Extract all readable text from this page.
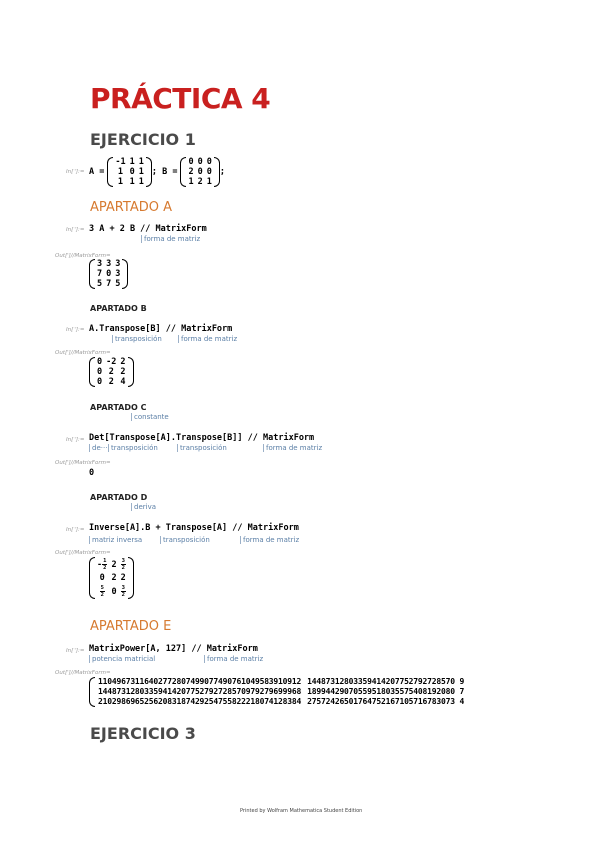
PRÁCTICA 4
EJERCICIO 1
In[ ']:= A =
-1	1	1
1	0	1
1	1	1
; B =
0	0	0
2	0	0
1	2	1
;
APARTADO A
In[ ']:= 3 A + 2 B // MatrixForm
forma de matriz
Out[']//MatrixForm=
3	3	3
7	0	3
5	7	5
APARTADO B
In[ ']:= A.Transpose[B] // MatrixForm
transposición	forma de matriz
Out[']//MatrixForm=
0	-2	2
0	2	2
0	2	4
APARTADO C
constante
In[ ']:= Det[Transpose[A].Transpose[B]] // MatrixForm
de··· transposición	transposición	forma de matriz
Out[']//MatrixForm=
0
APARTADO D
deriva
In[ ']:= Inverse[A].B + Transpose[A] // MatrixForm
matriz inversa	transposición	forma de matriz
Out[']//MatrixForm=
- $\frac{1}{2}$	2	$\frac{3}{2}$

0	2	2

$\frac{5}{2}$	0	$\frac{3}{2}$
APARTADO E
In[ ']:= MatrixPower[A, 127] // MatrixForm
potencia matricial	forma de matriz
Out[']//MatrixForm=
11049673116402772807499077490761049583910912	14487312803359414207752792728570 9
14487312803359414207752792728570979279699968	18994429070559518035575408192080 7
21029869652562083187429254755822218074128384	27572426501764752167105716783073 4
EJERCICIO 3
Printed by Wolfram Mathematica Student Edition
